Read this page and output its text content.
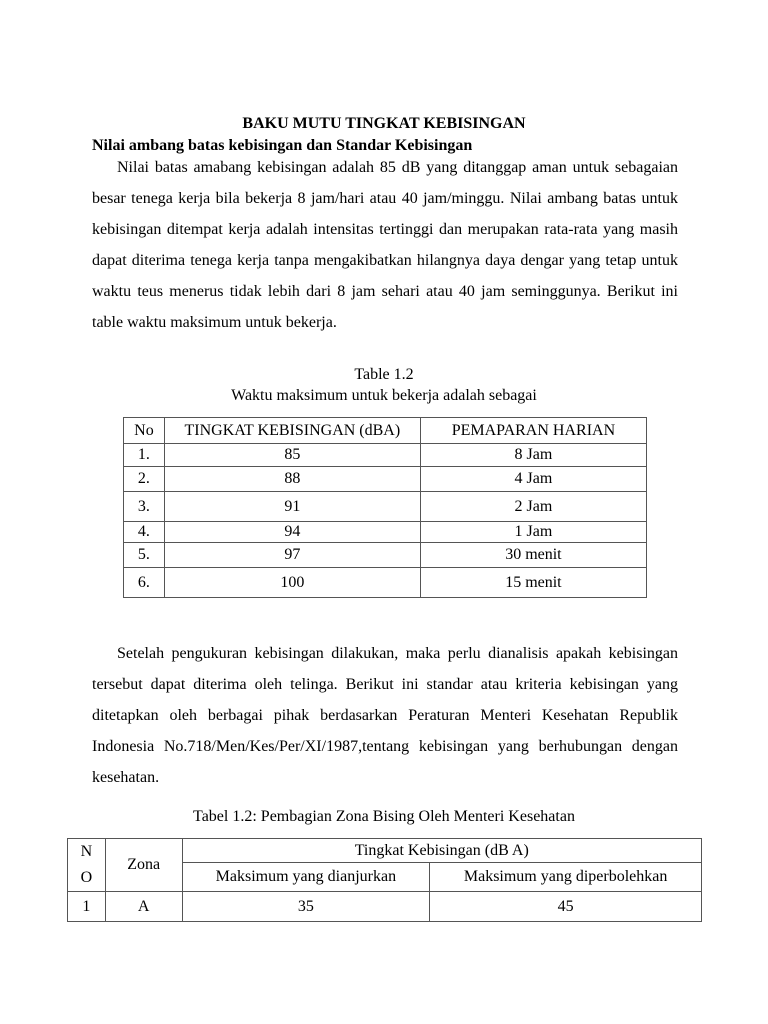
BAKU MUTU TINGKAT KEBISINGAN
Nilai ambang batas kebisingan dan Standar Kebisingan
Nilai batas amabang kebisingan adalah 85 dB yang ditanggap aman untuk sebagaian besar tenega kerja bila bekerja 8 jam/hari atau 40 jam/minggu. Nilai ambang batas untuk kebisingan ditempat kerja adalah intensitas tertinggi dan merupakan rata-rata yang masih dapat diterima tenega kerja tanpa mengakibatkan hilangnya daya dengar yang tetap untuk waktu teus menerus tidak lebih dari 8 jam sehari atau 40 jam seminggunya. Berikut ini table waktu maksimum untuk bekerja.
Table 1.2
Waktu maksimum untuk bekerja adalah sebagai
No	TINGKAT KEBISINGAN (dBA)	PEMAPARAN HARIAN
1.	85	8 Jam
2.	88	4 Jam
3.	91	2 Jam
4.	94	1 Jam
5.	97	30 menit
6.	100	15 menit
Setelah pengukuran kebisingan dilakukan, maka perlu dianalisis apakah kebisingan tersebut dapat diterima oleh telinga. Berikut ini standar atau kriteria kebisingan yang ditetapkan oleh berbagai pihak berdasarkan Peraturan Menteri Kesehatan Republik Indonesia No.718/Men/Kes/Per/XI/1987,tentang kebisingan yang berhubungan dengan kesehatan.
Tabel 1.2: Pembagian Zona Bising Oleh Menteri Kesehatan
N
O	Zona	Tingkat Kebisingan (dB A)	
		Maksimum yang dianjurkan	Maksimum yang diperbolehkan
1	A	35	45
